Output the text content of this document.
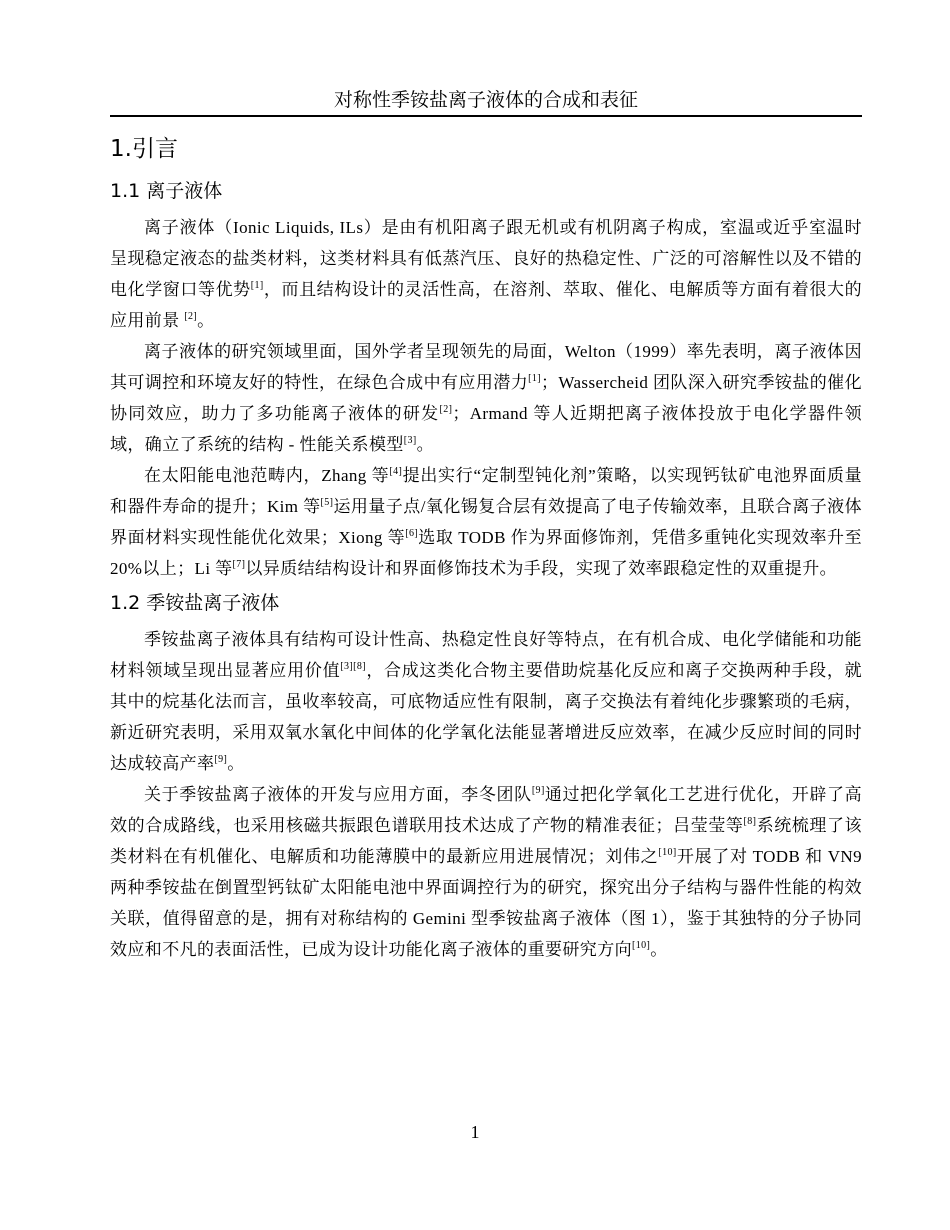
对称性季铵盐离子液体的合成和表征
1.引言
1.1 离子液体

离子液体（Ionic Liquids, ILs）是由有机阳离子跟无机或有机阴离子构成，室温或近乎室温时呈现稳定液态的盐类材料，这类材料具有低蒸汽压、良好的热稳定性、广泛的可溶解性以及不错的电化学窗口等优势[1]，而且结构设计的灵活性高，在溶剂、萃取、催化、电解质等方面有着很大的应用前景 [2]。

离子液体的研究领域里面，国外学者呈现领先的局面，Welton（1999）率先表明，离子液体因其可调控和环境友好的特性，在绿色合成中有应用潜力[1]；Wassercheid 团队深入研究季铵盐的催化协同效应，助力了多功能离子液体的研发[2]；Armand 等人近期把离子液体投放于电化学器件领域，确立了系统的结构 - 性能关系模型[3]。

在太阳能电池范畴内，Zhang 等[4]提出实行“定制型钝化剂”策略，以实现钙钛矿电池界面质量和器件寿命的提升；Kim 等[5]运用量子点/氧化锡复合层有效提高了电子传输效率，且联合离子液体界面材料实现性能优化效果；Xiong 等[6]选取 TODB 作为界面修饰剂，凭借多重钝化实现效率升至 20%以上；Li 等[7]以异质结结构设计和界面修饰技术为手段，实现了效率跟稳定性的双重提升。

1.2 季铵盐离子液体

季铵盐离子液体具有结构可设计性高、热稳定性良好等特点，在有机合成、电化学储能和功能材料领域呈现出显著应用价值[3][8]，合成这类化合物主要借助烷基化反应和离子交换两种手段，就其中的烷基化法而言，虽收率较高，可底物适应性有限制，离子交换法有着纯化步骤繁琐的毛病，新近研究表明，采用双氧水氧化中间体的化学氧化法能显著增进反应效率，在减少反应时间的同时达成较高产率[9]。

关于季铵盐离子液体的开发与应用方面，李冬团队[9]通过把化学氧化工艺进行优化，开辟了高效的合成路线，也采用核磁共振跟色谱联用技术达成了产物的精准表征；吕莹莹等[8]系统梳理了该类材料在有机催化、电解质和功能薄膜中的最新应用进展情况；刘伟之[10]开展了对 TODB 和 VN9 两种季铵盐在倒置型钙钛矿太阳能电池中界面调控行为的研究，探究出分子结构与器件性能的构效关联，值得留意的是，拥有对称结构的 Gemini 型季铵盐离子液体（图 1），鉴于其独特的分子协同效应和不凡的表面活性，已成为设计功能化离子液体的重要研究方向[10]。

1
